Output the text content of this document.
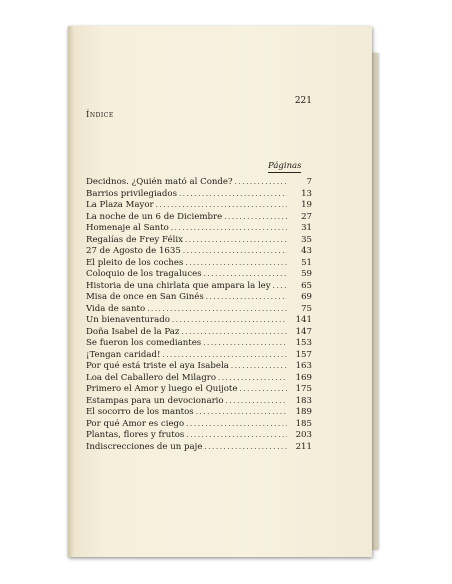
Índice
221
Páginas
Decidnos. ¿Quién mató al Conde? .....	7
Barrios privilegiados .....	13
La Plaza Mayor .....	19
La noche de un 6 de Diciembre .....	27
Homenaje al Santo .....	31
Regalías de Frey Félix .....	35
27 de Agosto de 1635 .....	43
El pleito de los coches .....	51
Coloquio de los tragaluces .....	59
Historia de una chirlata que ampara la ley .....	65
Misa de once en San Ginés .....	69
Vida de santo .....	75
Un bienaventurado .....	141
Doña Isabel de la Paz .....	147
Se fueron los comediantes .....	153
¡Tengan caridad! .....	157
Por qué está triste el aya Isabela .....	163
Loa del Caballero del Milagro .....	169
Primero el Amor y luego el Quijote .....	175
Estampas para un devocionario .....	183
El socorro de los mantos .....	189
Por qué Amor es ciego .....	185
Plantas, flores y frutos .....	203
Indiscrecciones de un paje .....	211
